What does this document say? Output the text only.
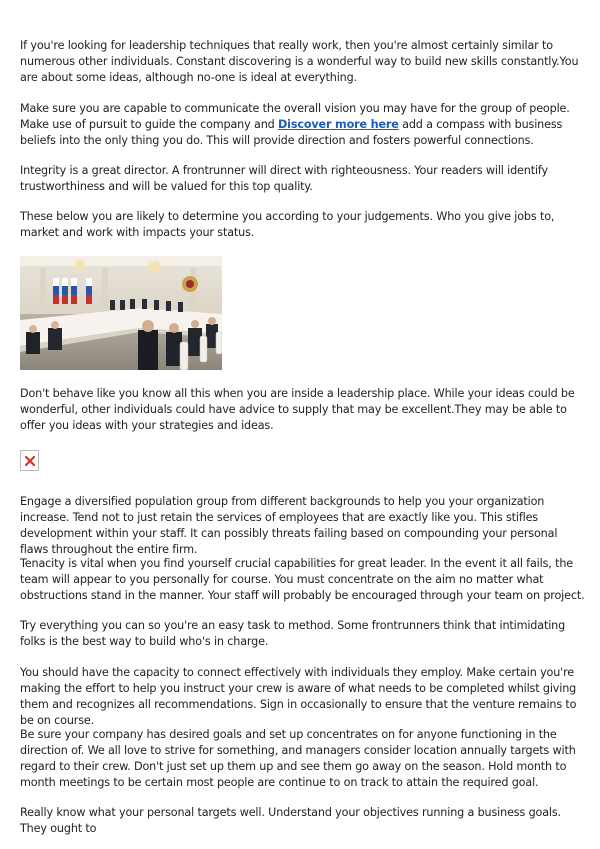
If you're looking for leadership techniques that really work, then you're almost certainly similar to numerous other individuals. Constant discovering is a wonderful way to build new skills constantly.You are about some ideas, although no-one is ideal at everything.

Make sure you are capable to communicate the overall vision you may have for the group of people. Make use of pursuit to guide the company and Discover more here add a compass with business beliefs into the only thing you do. This will provide direction and fosters powerful connections.

Integrity is a great director. A frontrunner will direct with righteousness. Your readers will identify trustworthiness and will be valued for this top quality.

These below you are likely to determine you according to your judgements. Who you give jobs to, market and work with impacts your status.

Don't behave like you know all this when you are inside a leadership place. While your ideas could be wonderful, other individuals could have advice to supply that may be excellent.They may be able to offer you ideas with your strategies and ideas.

Engage a diversified population group from different backgrounds to help you your organization increase. Tend not to just retain the services of employees that are exactly like you. This stifles development within your staff. It can possibly threats failing based on compounding your personal flaws throughout the entire firm.

Tenacity is vital when you find yourself crucial capabilities for great leader. In the event it all fails, the team will appear to you personally for course. You must concentrate on the aim no matter what obstructions stand in the manner. Your staff will probably be encouraged through your team on project.

Try everything you can so you're an easy task to method. Some frontrunners think that intimidating folks is the best way to build who's in charge.

You should have the capacity to connect effectively with individuals they employ. Make certain you're making the effort to help you instruct your crew is aware of what needs to be completed whilst giving them and recognizes all recommendations. Sign in occasionally to ensure that the venture remains to be on course.

Be sure your company has desired goals and set up concentrates on for anyone functioning in the direction of. We all love to strive for something, and managers consider location annually targets with regard to their crew. Don't just set up them up and see them go away on the season. Hold month to month meetings to be certain most people are continue to on track to attain the required goal.

Really know what your personal targets well. Understand your objectives running a business goals. They ought to
